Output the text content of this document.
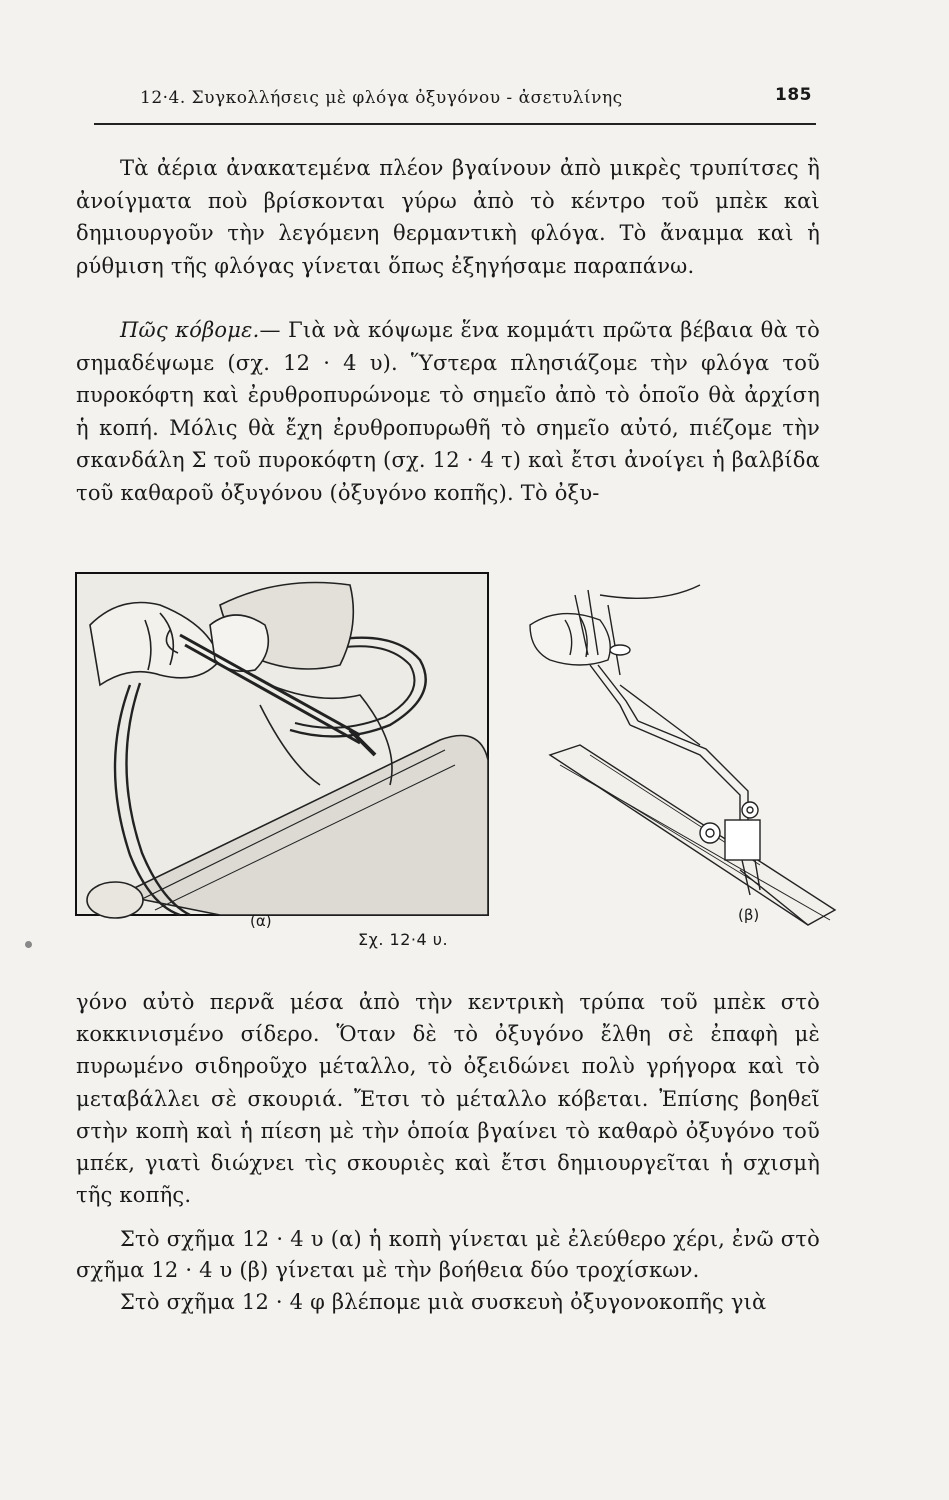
12·4. Συγκολλήσεις μὲ φλόγα ὀξυγόνου - ἀσετυλίνης	185
Τὰ ἀέρια ἀνακατεμένα πλέον βγαίνουν ἀπὸ μικρὲς τρυπίτσες ἢ ἀνοίγματα ποὺ βρίσκονται γύρω ἀπὸ τὸ κέντρο τοῦ μπὲκ καὶ δημιουργοῦν τὴν λεγόμενη θερμαντικὴ φλόγα. Τὸ ἄναμμα καὶ ἡ ρύθμιση τῆς φλόγας γίνεται ὅπως ἐξηγήσαμε παραπάνω.
Πῶς κόβομε.— Γιὰ νὰ κόψωμε ἕνα κομμάτι πρῶτα βέβαια θὰ τὸ σημαδέψωμε (σχ. 12 · 4 υ). Ὕστερα πλησιάζομε τὴν φλόγα τοῦ πυροκόφτη καὶ ἐρυθροπυρώνομε τὸ σημεῖο ἀπὸ τὸ ὁποῖο θὰ ἀρχίση ἡ κοπή. Μόλις θὰ ἔχη ἐρυθροπυρωθῆ τὸ σημεῖο αὐτό, πιέζομε τὴν σκανδάλη Σ τοῦ πυροκόφτη (σχ. 12 · 4 τ) καὶ ἔτσι ἀνοίγει ἡ βαλβίδα τοῦ καθαροῦ ὀξυγόνου (ὀξυγόνο κοπῆς). Τὸ ὀξυ-
(α)	(β)
Σχ. 12·4 υ.
γόνο αὐτὸ περνᾶ μέσα ἀπὸ τὴν κεντρικὴ τρύπα τοῦ μπὲκ στὸ κοκκινισμένο σίδερο. Ὅταν δὲ τὸ ὀξυγόνο ἔλθη σὲ ἐπαφὴ μὲ πυρωμένο σιδηροῦχο μέταλλο, τὸ ὀξειδώνει πολὺ γρήγορα καὶ τὸ μεταβάλλει σὲ σκουριά. Ἔτσι τὸ μέταλλο κόβεται. Ἐπίσης βοηθεῖ στὴν κοπὴ καὶ ἡ πίεση μὲ τὴν ὁποία βγαίνει τὸ καθαρὸ ὀξυγόνο τοῦ μπέκ, γιατὶ διώχνει τὶς σκουριὲς καὶ ἔτσι δημιουργεῖται ἡ σχισμὴ τῆς κοπῆς.
Στὸ σχῆμα 12 · 4 υ (α) ἡ κοπὴ γίνεται μὲ ἐλεύθερο χέρι, ἐνῶ στὸ σχῆμα 12 · 4 υ (β) γίνεται μὲ τὴν βοήθεια δύο τροχίσκων.
Στὸ σχῆμα 12 · 4 φ βλέπομε μιὰ συσκευὴ ὀξυγονοκοπῆς γιὰ
